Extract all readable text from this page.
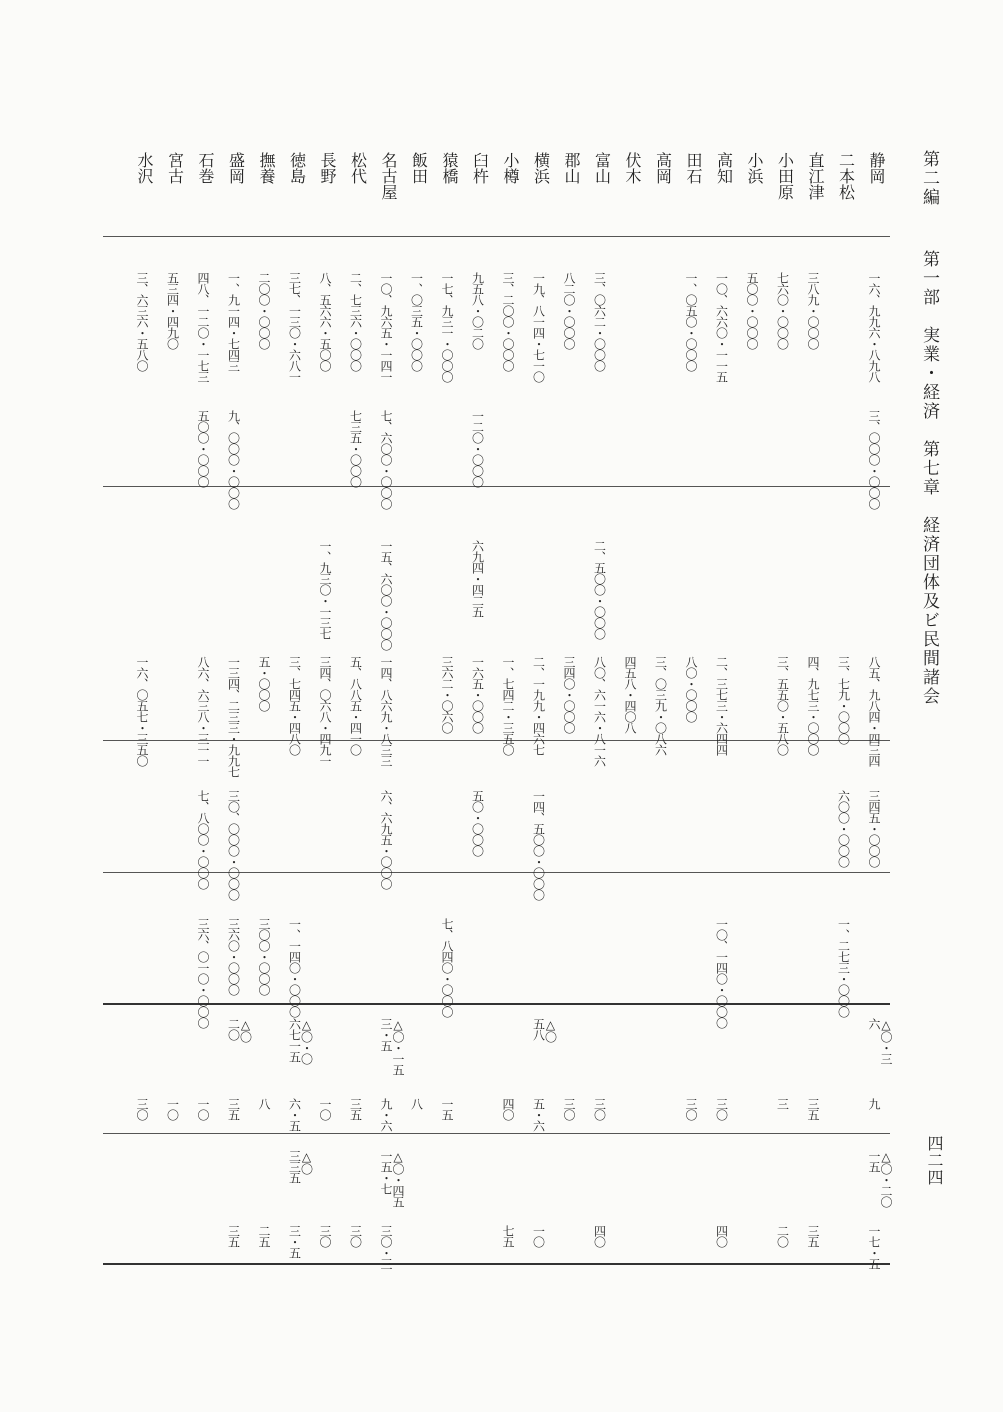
第二編
第一部　実業・経済　第七章　経済団体及ビ民間諸会
四二四
静岡
一六、九九六・八九八
三、〇〇〇・〇〇〇
八五、九八四・四三四
三四五・〇〇〇
△〇・三
六
九
△〇・二〇
一五
一七・五
二本松
三、七九・〇〇〇
六〇〇・〇〇〇
一、二七三・〇〇〇
直江津
三八九・〇〇〇
四、九七三・〇〇〇
三五
三五
小田原
七六〇・〇〇〇
三、五五〇・五八〇
三
二〇
小浜
五〇〇・〇〇〇
高知
一〇、六六〇・一一五
二、三七三・六四四
一〇、一四〇・〇〇〇
三〇
四〇
田石
一、〇五〇・〇〇〇
八〇・〇〇〇
三〇
高岡
三、〇三九・〇八六
伏木
四五八・四〇八
富山
三、〇六二・〇〇〇
二、五〇〇・〇〇〇
八〇、六一六・八一六
三〇
四〇
郡山
八二〇・〇〇〇
三四〇・〇〇〇
三〇
横浜
一九、八一四・七一〇
二、一九九・四六七
一四、五〇〇・〇〇〇
△〇
五八
五・六
一〇
小樽
三、二〇〇・〇〇〇
一、七四二・三五〇
四〇
七五
臼杵
九五八・〇二〇
一二〇・〇〇〇
六九四・四二五
一六五・〇〇〇
五〇・〇〇〇
猿橋
一七、九三一・〇〇〇
三六二・〇六〇
七、八四〇・〇〇〇
一五
飯田
一、〇三五・〇〇〇
八
名古屋
一〇、九六五・一四一
七、六〇〇・〇〇〇
一五、六〇〇・〇〇〇
一四、八六九・八三三
六、六九五・〇〇〇
△〇・一五
三・五
九・六
△〇・四五
一五・七
三〇・三
松代
二、七三六・〇〇〇
七三五・〇〇〇
五、八八五・四一〇
三五
三〇
長野
八、五六六・五〇〇
一、九三〇・一三七
三四、〇六八・四九一
一〇
三〇
徳島
三七、一三〇・六八一
三、七四五・四八〇
一、一四〇・〇〇〇
△〇・〇
六七一五
六・五
△〇
三三五
三・五
撫養
二〇〇・〇〇〇
五・〇〇〇
三〇〇・〇〇〇
八
二五
盛岡
一、九一四・七四三
九、〇〇〇・〇〇〇
一三四、二三三・九九七
三〇、〇〇〇・〇〇〇
三六〇・〇〇〇
△〇
二〇
三五
三五
石巻
四八、一二〇・一七三
五〇〇・〇〇〇
八六、六三八・三一一
七、八〇〇・〇〇〇
三六、〇一〇・〇〇〇
一〇
宮古
五三四・四九〇
一〇
水沢
三、六三六・五八〇
一六、〇五七・三五〇
三〇
